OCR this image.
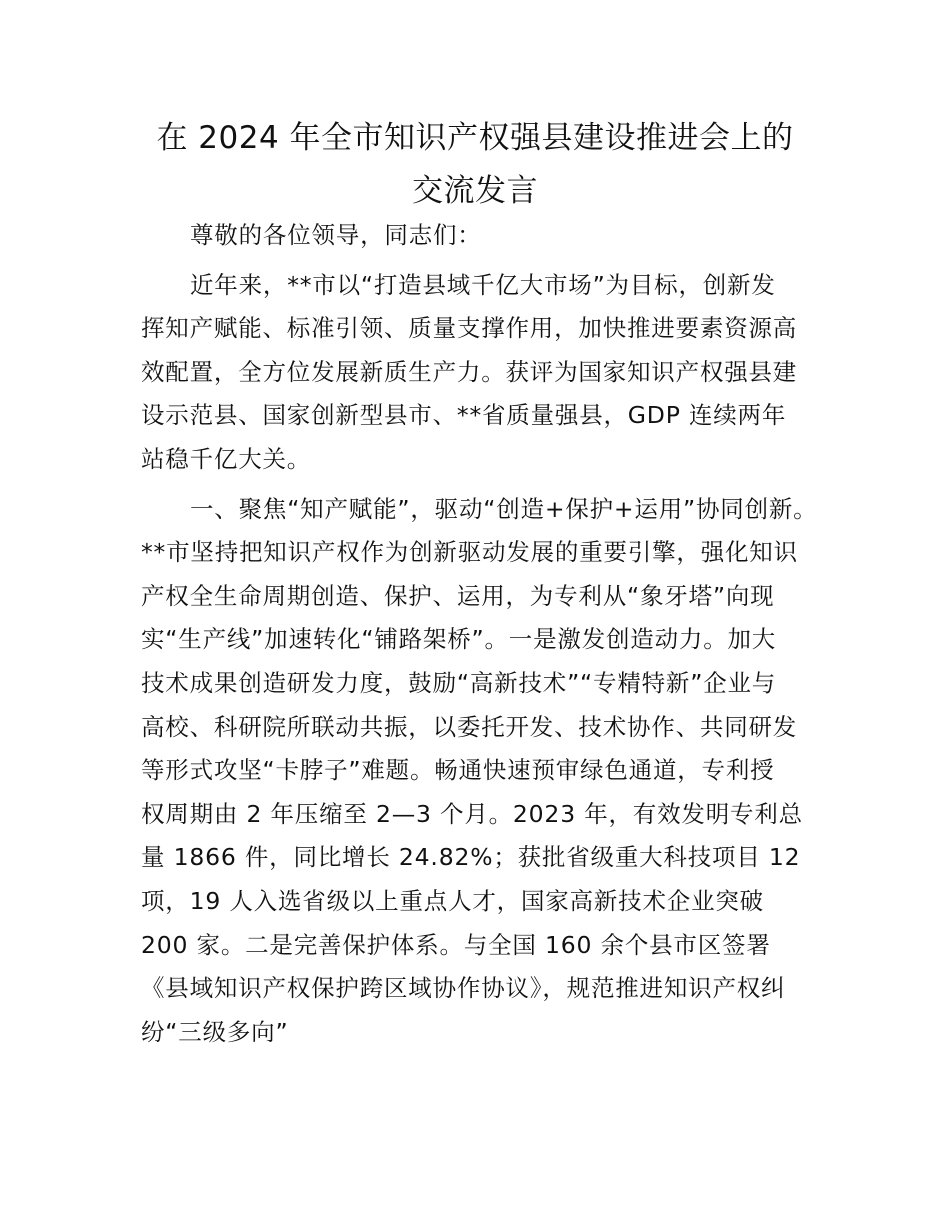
在 2024 年全市知识产权强县建设推进会上的
交流发言

尊敬的各位领导，同志们：

近年来，**市以“打造县域千亿大市场”为目标，创新发
挥知产赋能、标准引领、质量支撑作用，加快推进要素资源高
效配置，全方位发展新质生产力。获评为国家知识产权强县建
设示范县、国家创新型县市、**省质量强县，GDP 连续两年
站稳千亿大关。

一、聚焦“知产赋能”，驱动“创造+保护+运用”协同创新。
**市坚持把知识产权作为创新驱动发展的重要引擎，强化知识
产权全生命周期创造、保护、运用，为专利从“象牙塔”向现
实“生产线”加速转化“铺路架桥”。一是激发创造动力。加大
技术成果创造研发力度，鼓励“高新技术”“专精特新”企业与
高校、科研院所联动共振，以委托开发、技术协作、共同研发
等形式攻坚“卡脖子”难题。畅通快速预审绿色通道，专利授
权周期由 2 年压缩至 2—3 个月。2023 年，有效发明专利总
量 1866 件，同比增长 24.82%；获批省级重大科技项目 12
项，19 人入选省级以上重点人才，国家高新技术企业突破
200 家。二是完善保护体系。与全国 160 余个县市区签署
《县域知识产权保护跨区域协作协议》，规范推进知识产权纠
纷“三级多向”
